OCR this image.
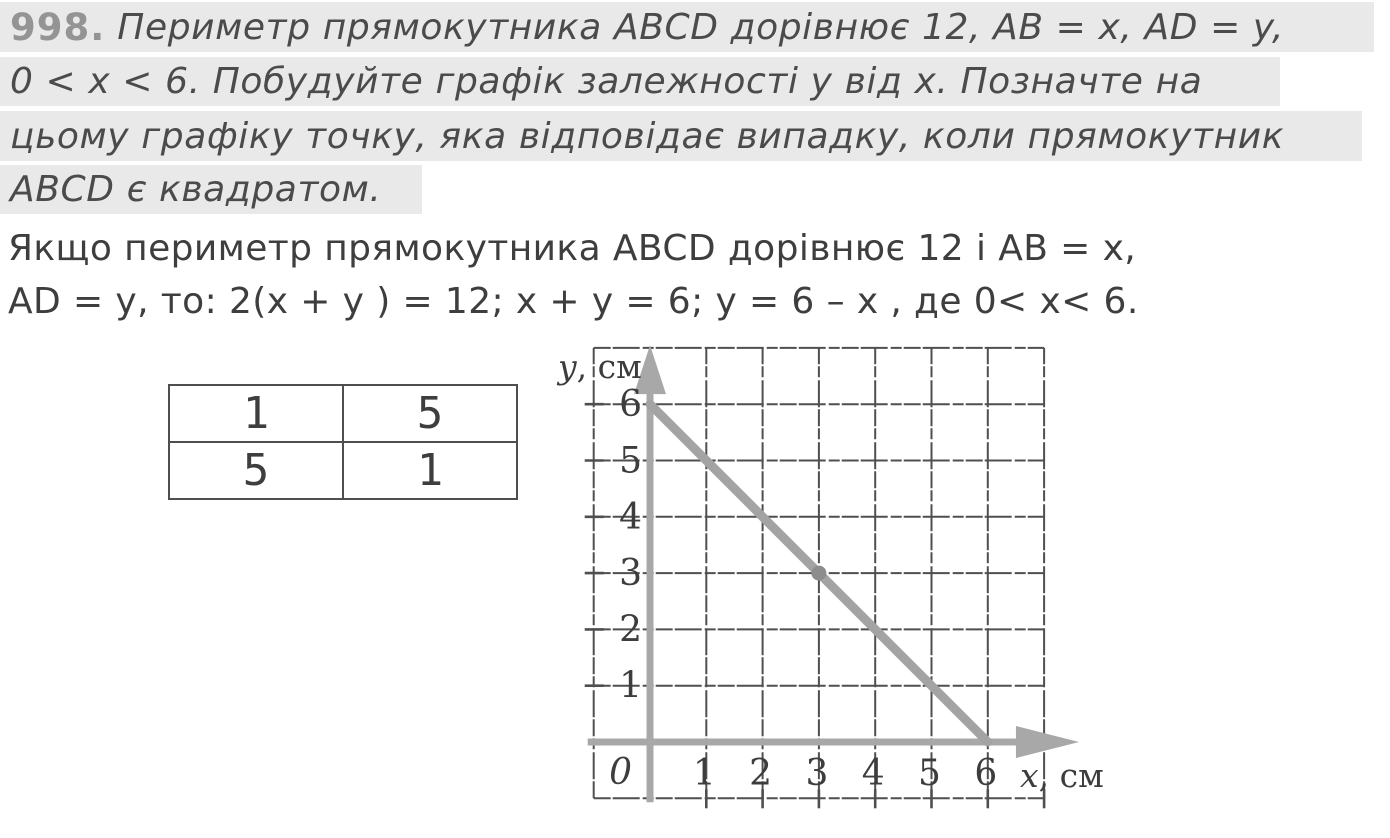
998. Периметр прямокутника ABCD дорівнює 12, AB = x, AD = y,
0 < x < 6. Побудуйте графік залежності y від x. Позначте на
цьому графіку точку, яка відповідає випадку, коли прямокутник
ABCD є квадратом.
Якщо периметр прямокутника ABCD дорівнює 12 і AB = x,
AD = y, то: 2(x + y ) = 12; x + y = 6; y = 6 – x , де 0< x< 6.
1	5
5	1
1
2
3
4
5
6
1 2 3 4 5 6
0
y, см
x, см
